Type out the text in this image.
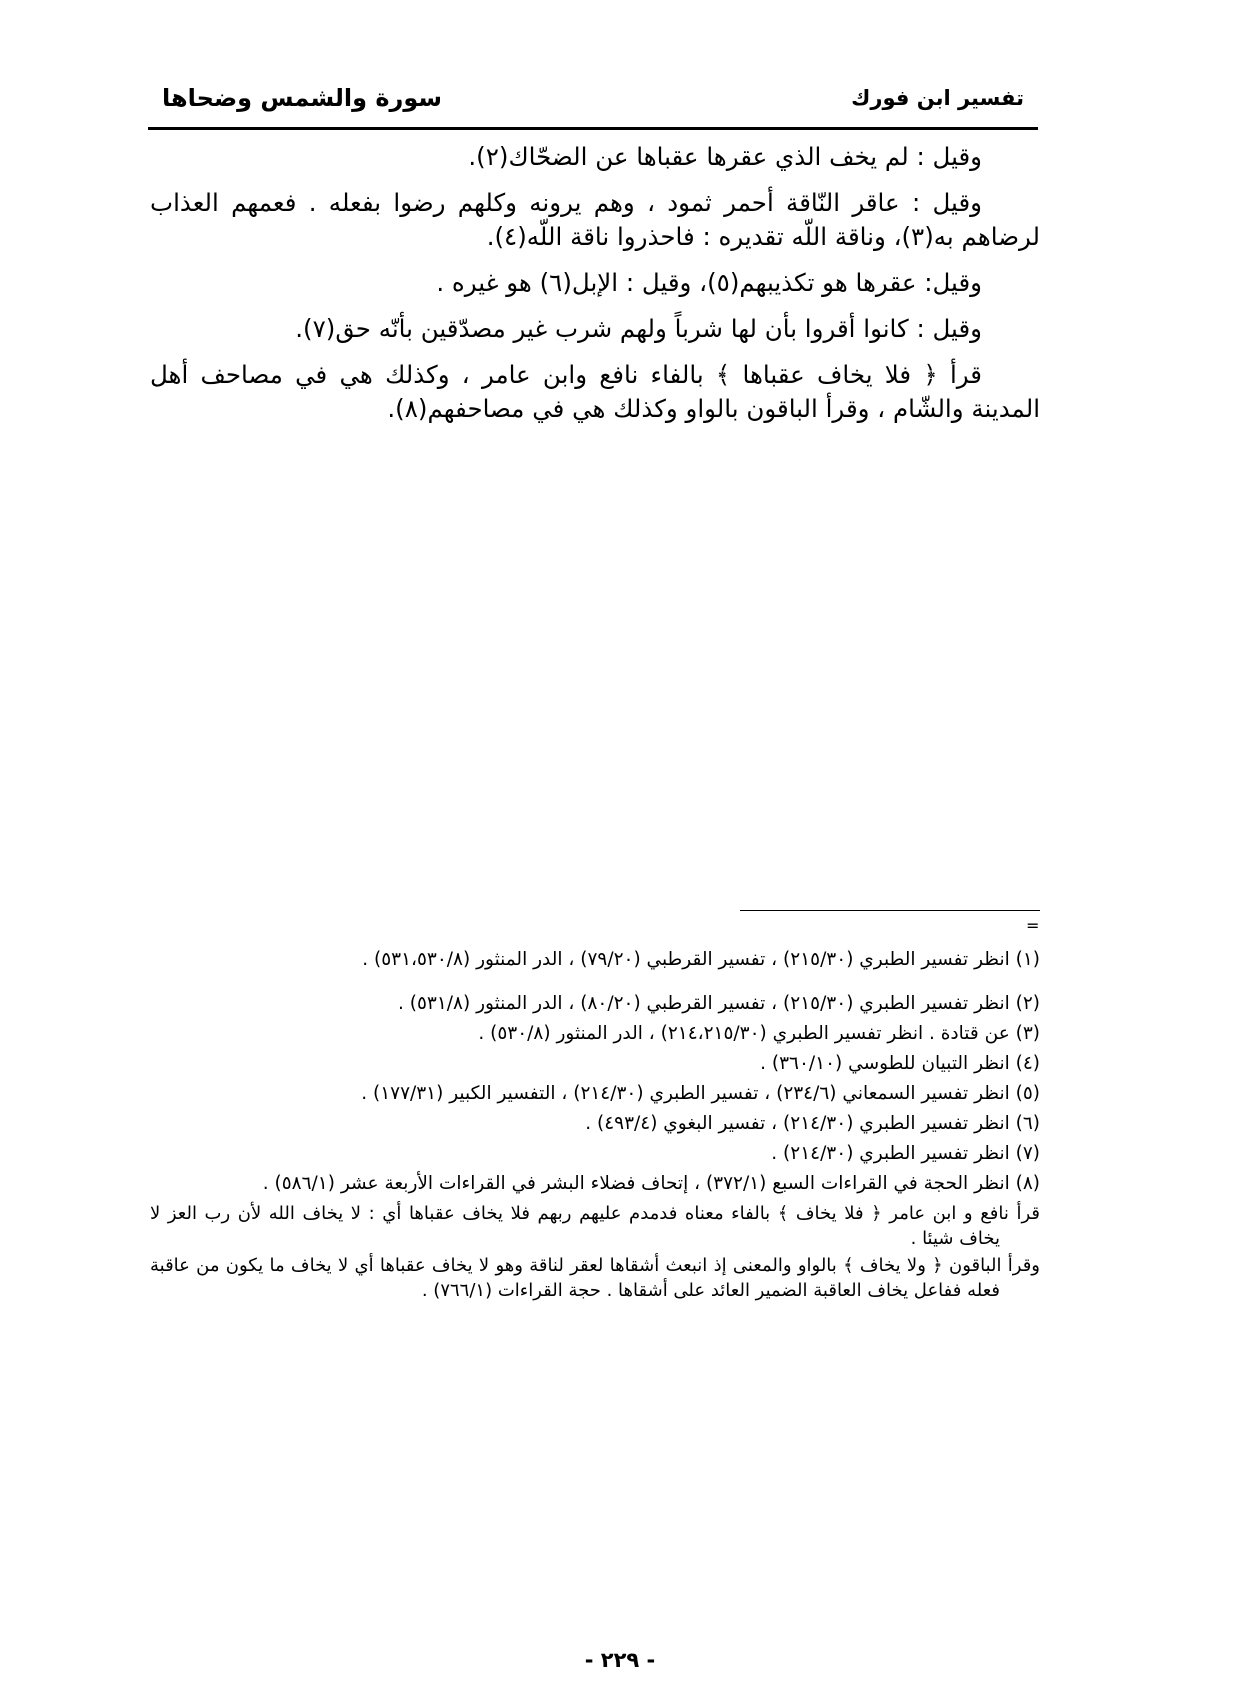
تفسير ابن فورك
سورة والشمس وضحاها

وقيل : لم يخف الذي عقرها عقباها عن الضحّاك(٢).

وقيل : عاقر النّاقة أحمر ثمود ، وهم يرونه وكلهم رضوا بفعله . فعمهم العذاب لرضاهم به(٣)، وناقة اللّه تقديره : فاحذروا ناقة اللّه(٤).

وقيل: عقرها هو تكذيبهم(٥)، وقيل : الإبل(٦) هو غيره .

وقيل : كانوا أقروا بأن لها شرباً ولهم شرب غير مصدّقين بأنّه حق(٧).

قرأ ﴿ فلا يخاف عقباها ﴾ بالفاء نافع وابن عامر ، وكذلك هي في مصاحف أهل المدينة والشّام ، وقرأ الباقون بالواو وكذلك هي في مصاحفهم(٨).

=

(١) انظر تفسير الطبري (٢١٥/٣٠) ، تفسير القرطبي (٧٩/٢٠) ، الدر المنثور (٥٣١،٥٣٠/٨) .

(٢) انظر تفسير الطبري (٢١٥/٣٠) ، تفسير القرطبي (٨٠/٢٠) ، الدر المنثور (٥٣١/٨) .

(٣) عن قتادة . انظر تفسير الطبري (٢١٤،٢١٥/٣٠) ، الدر المنثور (٥٣٠/٨) .

(٤) انظر التبيان للطوسي (٣٦٠/١٠) .

(٥) انظر تفسير السمعاني (٢٣٤/٦) ، تفسير الطبري (٢١٤/٣٠) ، التفسير الكبير (١٧٧/٣١) .

(٦) انظر تفسير الطبري (٢١٤/٣٠) ، تفسير البغوي (٤٩٣/٤) .

(٧) انظر تفسير الطبري (٢١٤/٣٠) .

(٨) انظر الحجة في القراءات السبع (٣٧٢/١) ، إتحاف فضلاء البشر في القراءات الأربعة عشر (٥٨٦/١) .

قرأ نافع و ابن عامر ﴿ فلا يخاف ﴾ بالفاء معناه فدمدم عليهم ربهم فلا يخاف عقباها أي : لا يخاف الله لأن رب العز لا يخاف شيئا .

وقرأ الباقون ﴿ ولا يخاف ﴾ بالواو والمعنى إذ انبعث أشقاها لعقر لناقة وهو لا يخاف عقباها أي لا يخاف ما يكون من عاقبة فعله ففاعل يخاف العاقبة الضمير العائد على أشقاها . حجة القراءات (٧٦٦/١) .

- ٢٢٩ -
